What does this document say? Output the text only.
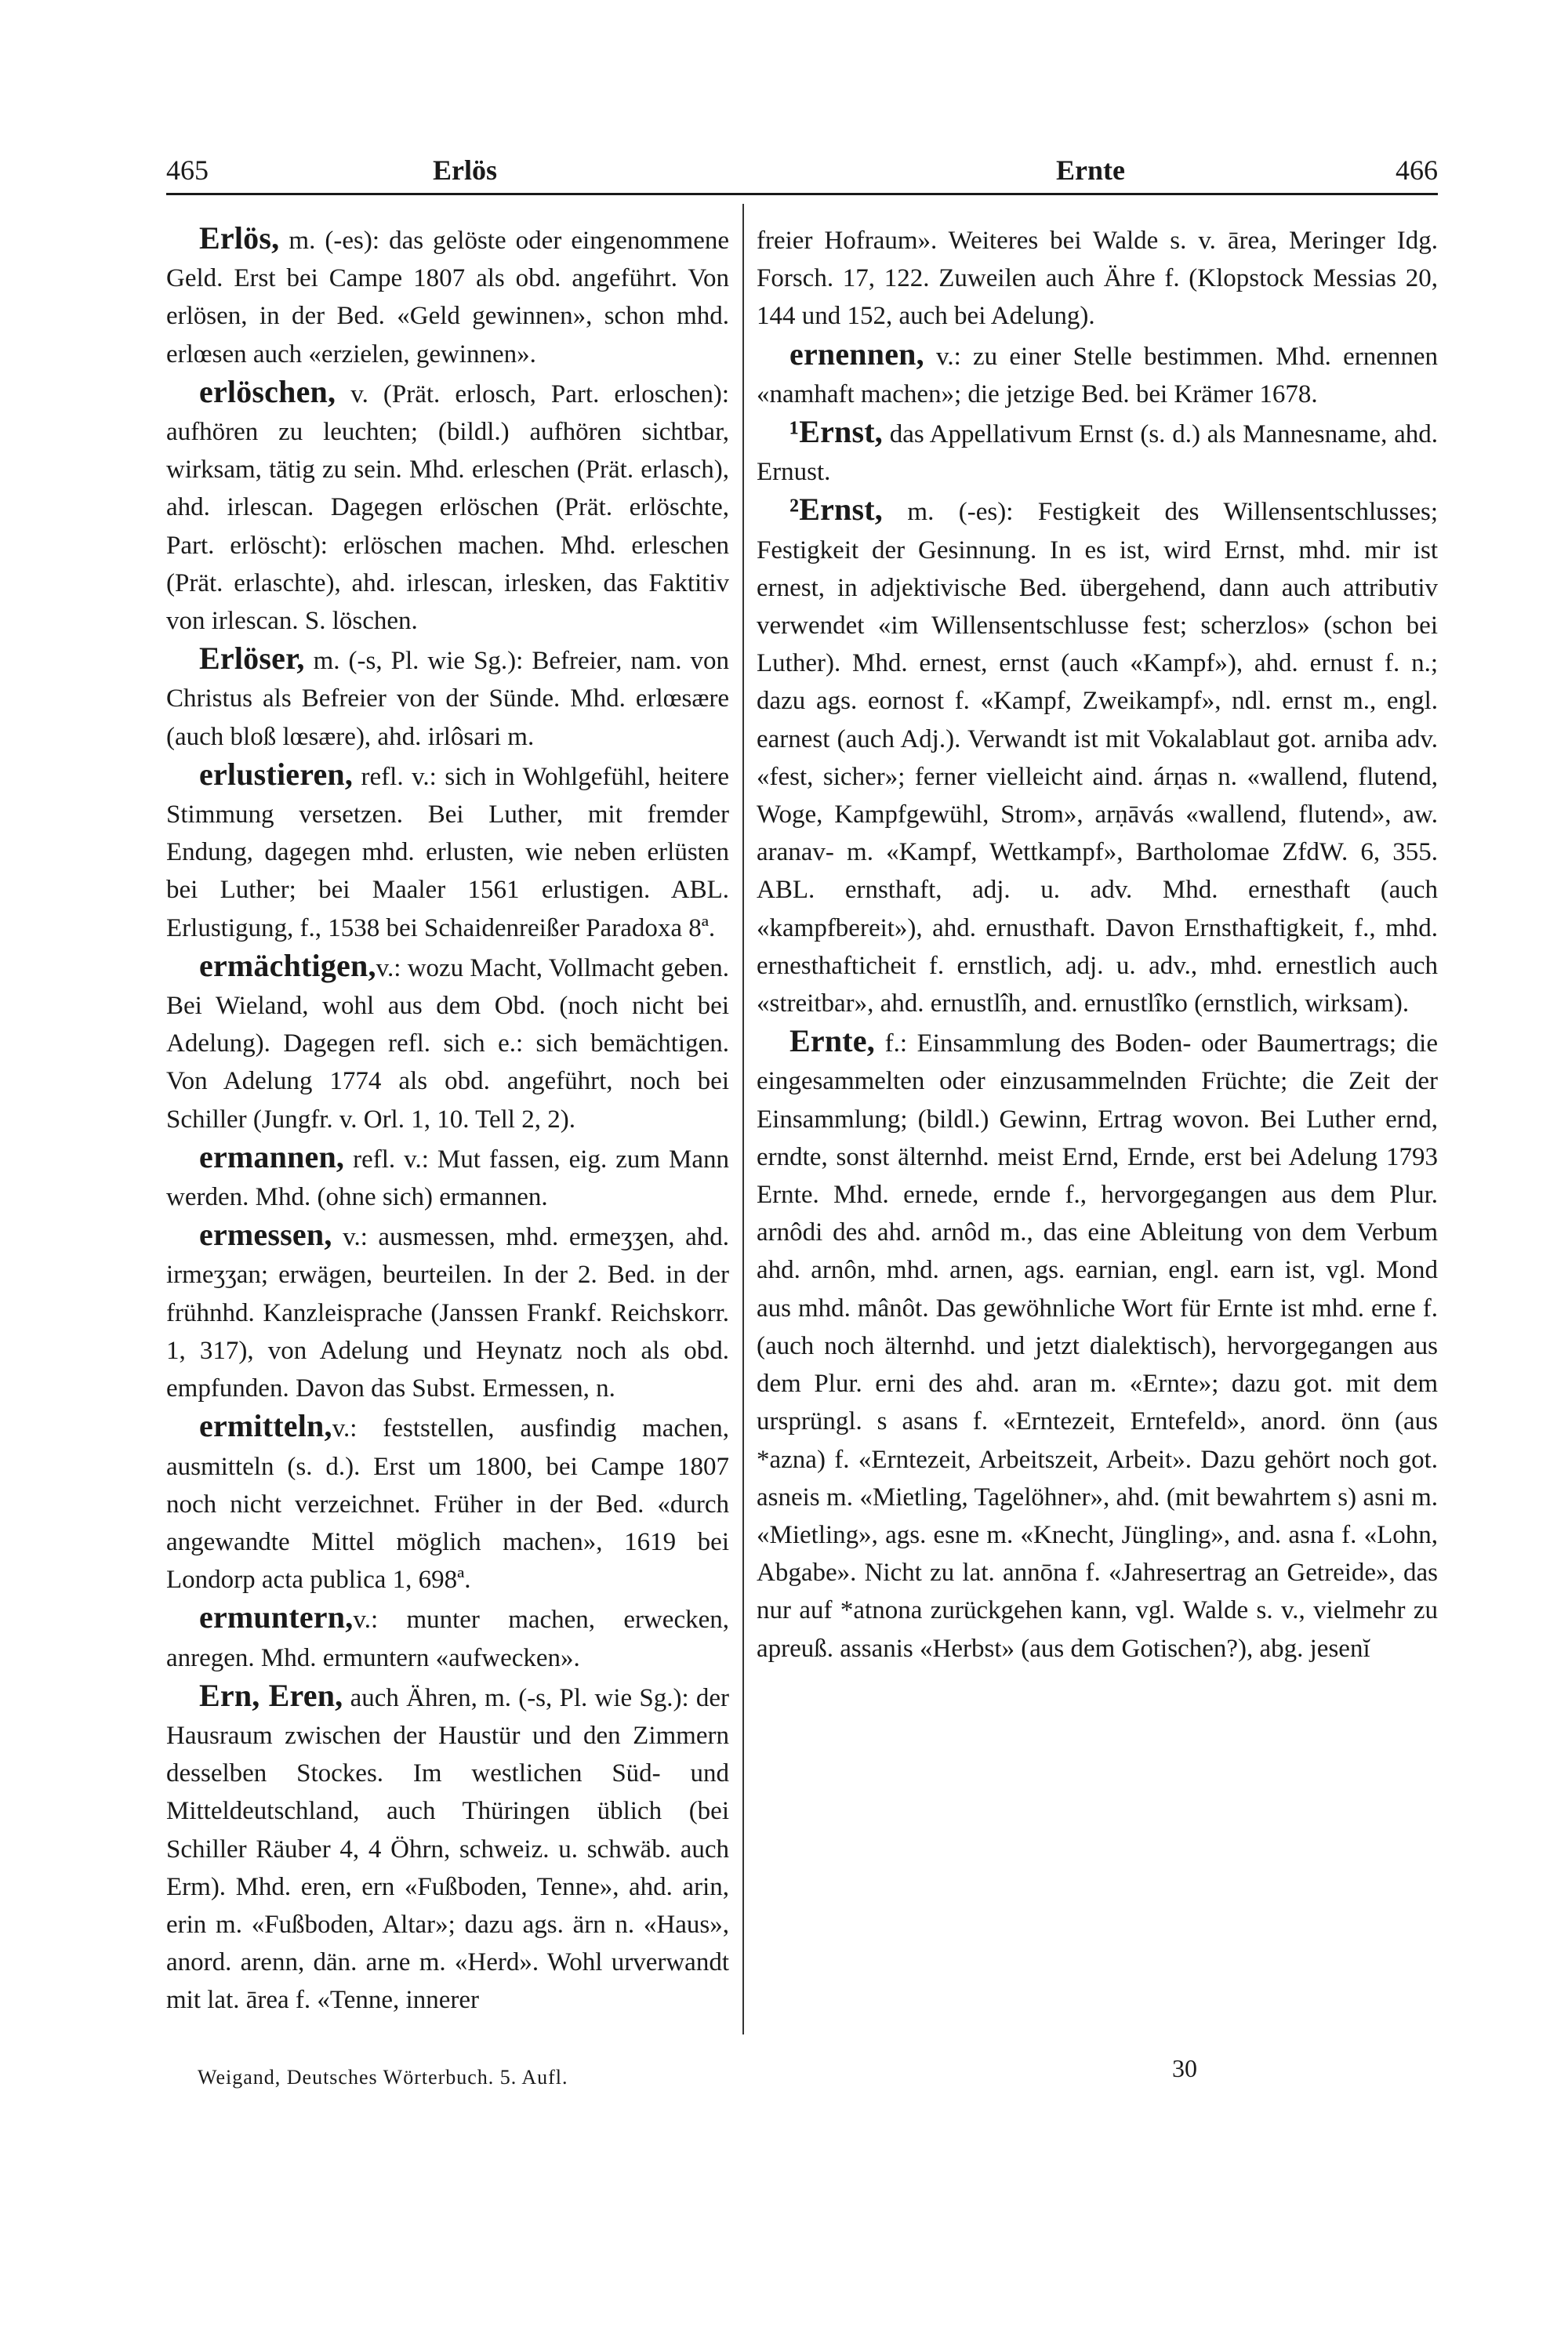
465	Erlös	Ernte	466

Erlös, m. (-es): das gelöste oder eingenommene Geld. Erst bei Campe 1807 als obd. angeführt. Von erlösen, in der Bed. «Geld gewinnen», schon mhd. erlœsen auch «erzielen, gewinnen».

erlöschen, v. (Prät. erlosch, Part. erloschen): aufhören zu leuchten; (bildl.) aufhören sichtbar, wirksam, tätig zu sein. Mhd. erleschen (Prät. erlasch), ahd. irlescan. Dagegen erlöschen (Prät. erlöschte, Part. erlöscht): erlöschen machen. Mhd. erleschen (Prät. erlaschte), ahd. irlescan, irlesken, das Faktitiv von irlescan. S. löschen.

Erlöser, m. (-s, Pl. wie Sg.): Befreier, nam. von Christus als Befreier von der Sünde. Mhd. erlœsære (auch bloß lœsære), ahd. irlôsari m.

erlustieren, refl. v.: sich in Wohlgefühl, heitere Stimmung versetzen. Bei Luther, mit fremder Endung, dagegen mhd. erlusten, wie neben erlüsten bei Luther; bei Maaler 1561 erlustigen. ABL. Erlustigung, f., 1538 bei Schaidenreißer Paradoxa 8ª.

ermächtigen,v.: wozu Macht, Vollmacht geben. Bei Wieland, wohl aus dem Obd. (noch nicht bei Adelung). Dagegen refl. sich e.: sich bemächtigen. Von Adelung 1774 als obd. angeführt, noch bei Schiller (Jungfr. v. Orl. 1, 10. Tell 2, 2).

ermannen, refl. v.: Mut fassen, eig. zum Mann werden. Mhd. (ohne sich) ermannen.

ermessen, v.: ausmessen, mhd. ermeʒʒen, ahd. irmeʒʒan; erwägen, beurteilen. In der 2. Bed. in der frühnhd. Kanzleisprache (Janssen Frankf. Reichskorr. 1, 317), von Adelung und Heynatz noch als obd. empfunden. Davon das Subst. Ermessen, n.

ermitteln,v.: feststellen, ausfindig machen, ausmitteln (s. d.). Erst um 1800, bei Campe 1807 noch nicht verzeichnet. Früher in der Bed. «durch angewandte Mittel möglich machen», 1619 bei Londorp acta publica 1, 698ª.

ermuntern,v.: munter machen, erwecken, anregen. Mhd. ermuntern «aufwecken».

Ern, Eren, auch Ähren, m. (-s, Pl. wie Sg.): der Hausraum zwischen der Haustür und den Zimmern desselben Stockes. Im westlichen Süd- und Mitteldeutschland, auch Thüringen üblich (bei Schiller Räuber 4, 4 Öhrn, schweiz. u. schwäb. auch Erm). Mhd. eren, ern «Fußboden, Tenne», ahd. arin, erin m. «Fußboden, Altar»; dazu ags. ärn n. «Haus», anord. arenn, dän. arne m. «Herd». Wohl urverwandt mit lat. ārea f. «Tenne, innerer

freier Hofraum». Weiteres bei Walde s. v. ārea, Meringer Idg. Forsch. 17, 122. Zuweilen auch Ähre f. (Klopstock Messias 20, 144 und 152, auch bei Adelung).

ernennen, v.: zu einer Stelle bestimmen. Mhd. ernennen «namhaft machen»; die jetzige Bed. bei Krämer 1678.

¹Ernst, das Appellativum Ernst (s. d.) als Mannesname, ahd. Ernust.

²Ernst, m. (-es): Festigkeit des Willensentschlusses; Festigkeit der Gesinnung. In es ist, wird Ernst, mhd. mir ist ernest, in adjektivische Bed. übergehend, dann auch attributiv verwendet «im Willensentschlusse fest; scherzlos» (schon bei Luther). Mhd. ernest, ernst (auch «Kampf»), ahd. ernust f. n.; dazu ags. eornost f. «Kampf, Zweikampf», ndl. ernst m., engl. earnest (auch Adj.). Verwandt ist mit Vokalablaut got. arniba adv. «fest, sicher»; ferner vielleicht aind. árṇas n. «wallend, flutend, Woge, Kampfgewühl, Strom», arṇāvás «wallend, flutend», aw. aranav- m. «Kampf, Wettkampf», Bartholomae ZfdW. 6, 355. ABL. ernsthaft, adj. u. adv. Mhd. ernesthaft (auch «kampfbereit»), ahd. ernusthaft. Davon Ernsthaftigkeit, f., mhd. ernesthafticheit f. ernstlich, adj. u. adv., mhd. ernestlich auch «streitbar», ahd. ernustlîh, and. ernustlîko (ernstlich, wirksam).

Ernte, f.: Einsammlung des Boden- oder Baumertrags; die eingesammelten oder einzusammelnden Früchte; die Zeit der Einsammlung; (bildl.) Gewinn, Ertrag wovon. Bei Luther ernd, erndte, sonst älternhd. meist Ernd, Ernde, erst bei Adelung 1793 Ernte. Mhd. ernede, ernde f., hervorgegangen aus dem Plur. arnôdi des ahd. arnôd m., das eine Ableitung von dem Verbum ahd. arnôn, mhd. arnen, ags. earnian, engl. earn ist, vgl. Mond aus mhd. mânôt. Das gewöhnliche Wort für Ernte ist mhd. erne f. (auch noch älternhd. und jetzt dialektisch), hervorgegangen aus dem Plur. erni des ahd. aran m. «Ernte»; dazu got. mit dem ursprüngl. s asans f. «Erntezeit, Erntefeld», anord. önn (aus *azna) f. «Erntezeit, Arbeitszeit, Arbeit». Dazu gehört noch got. asneis m. «Mietling, Tagelöhner», ahd. (mit bewahrtem s) asni m. «Mietling», ags. esne m. «Knecht, Jüngling», and. asna f. «Lohn, Abgabe». Nicht zu lat. annōna f. «Jahresertrag an Getreide», das nur auf *atnona zurückgehen kann, vgl. Walde s. v., vielmehr zu apreuß. assanis «Herbst» (aus dem Gotischen?), abg. jesenĭ

Weigand, Deutsches Wörterbuch. 5. Aufl.	30
